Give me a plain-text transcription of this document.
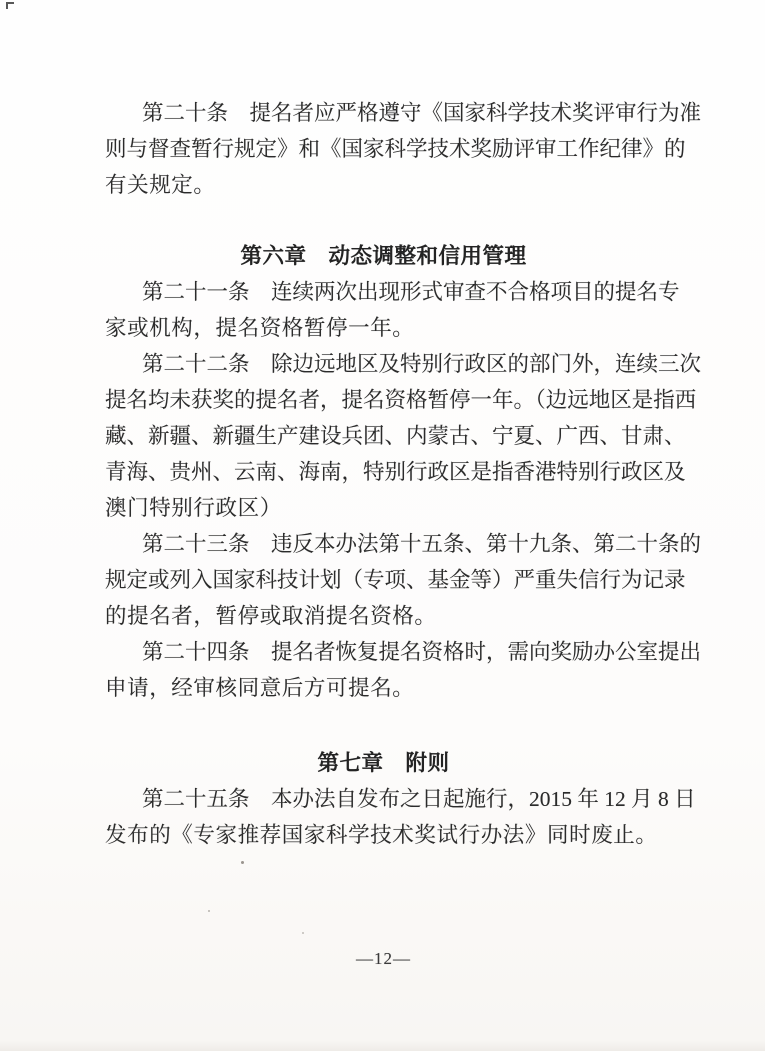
第二十条　提名者应严格遵守《国家科学技术奖评审行为准
则与督查暂行规定》和《国家科学技术奖励评审工作纪律》的
有关规定。
第六章　动态调整和信用管理
第二十一条　连续两次出现形式审查不合格项目的提名专
家或机构，提名资格暂停一年。
第二十二条　除边远地区及特别行政区的部门外，连续三次
提名均未获奖的提名者，提名资格暂停一年。（边远地区是指西
藏、新疆、新疆生产建设兵团、内蒙古、宁夏、广西、甘肃、
青海、贵州、云南、海南，特别行政区是指香港特别行政区及
澳门特别行政区）
第二十三条　违反本办法第十五条、第十九条、第二十条的
规定或列入国家科技计划（专项、基金等）严重失信行为记录
的提名者，暂停或取消提名资格。
第二十四条　提名者恢复提名资格时，需向奖励办公室提出
申请，经审核同意后方可提名。
第七章　附则
第二十五条　本办法自发布之日起施行，2015 年 12 月 8 日
发布的《专家推荐国家科学技术奖试行办法》同时废止。
—12—
